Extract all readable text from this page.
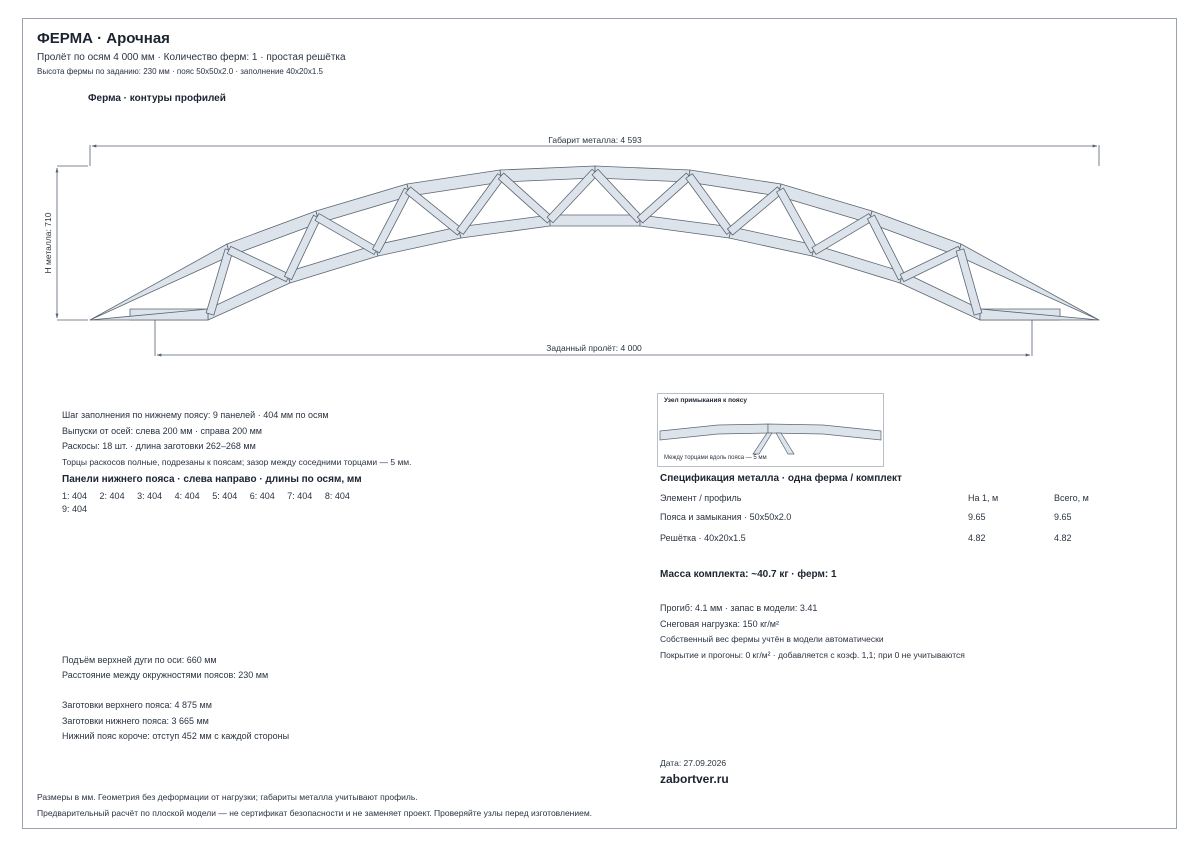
ФЕРМА · Арочная
Пролёт по осям 4 000 мм · Количество ферм: 1 · простая решётка
Высота фермы по заданию: 230 мм · пояс 50x50x2.0 · заполнение 40x20x1.5
Ферма · контуры профилей
Габарит металла: 4 593
H металла: 710
Заданный пролёт: 4 000
Узел примыкания к поясу
Между торцами вдоль пояса — 5 мм
Шаг заполнения по нижнему поясу: 9 панелей · 404 мм по осям
Выпуски от осей: слева 200 мм · справа 200 мм
Раскосы: 18 шт. · длина заготовки 262–268 мм
Торцы раскосов полные, подрезаны к поясам; зазор между соседними торцами — 5 мм.
Панели нижнего пояса · слева направо · длины по осям, мм
1: 404 2: 404 3: 404 4: 404 5: 404 6: 404 7: 404 8: 404
9: 404
Подъём верхней дуги по оси: 660 мм
Расстояние между окружностями поясов: 230 мм
Заготовки верхнего пояса: 4 875 мм
Заготовки нижнего пояса: 3 665 мм
Нижний пояс короче: отступ 452 мм с каждой стороны
Спецификация металла · одна ферма / комплект
Элемент / профиль	На 1, м	Всего, м
Пояса и замыкания · 50x50x2.0	9.65	9.65
Решётка · 40x20x1.5	4.82	4.82
Масса комплекта: ~40.7 кг · ферм: 1
Прогиб: 4.1 мм · запас в модели: 3.41
Снеговая нагрузка: 150 кг/м²
Собственный вес фермы учтён в модели автоматически
Покрытие и прогоны: 0 кг/м² · добавляется с коэф. 1,1; при 0 не учитываются
Дата: 27.09.2026
zabortver.ru
Размеры в мм. Геометрия без деформации от нагрузки; габариты металла учитывают профиль.
Предварительный расчёт по плоской модели — не сертификат безопасности и не заменяет проект. Проверяйте узлы перед изготовлением.
